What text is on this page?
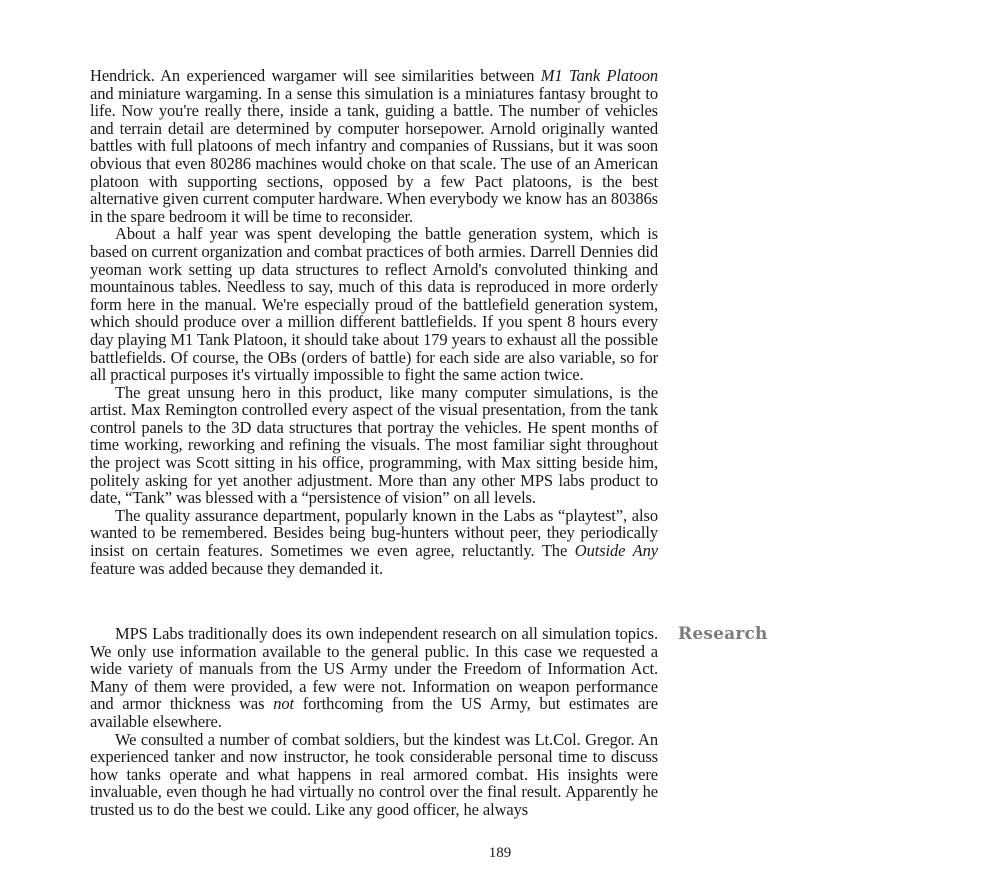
Hendrick. An experienced wargamer will see similarities between M1 Tank Platoon and miniature wargaming. In a sense this simulation is a miniatures fantasy brought to life. Now you're really there, inside a tank, guiding a battle. The number of vehicles and terrain detail are determined by computer horsepower. Arnold originally wanted battles with full platoons of mech infantry and companies of Russians, but it was soon obvious that even 80286 machines would choke on that scale. The use of an American platoon with supporting sections, opposed by a few Pact platoons, is the best alternative given current computer hardware. When everybody we know has an 80386s in the spare bedroom it will be time to reconsider.

About a half year was spent developing the battle generation system, which is based on current organization and combat practices of both armies. Darrell Dennies did yeoman work setting up data structures to reflect Arnold's convoluted thinking and mountainous tables. Needless to say, much of this data is reproduced in more orderly form here in the manual. We're especially proud of the battlefield generation system, which should produce over a million different battlefields. If you spent 8 hours every day playing M1 Tank Platoon, it should take about 179 years to exhaust all the possible battlefields. Of course, the OBs (orders of battle) for each side are also variable, so for all practical purposes it's virtually impossible to fight the same action twice.

The great unsung hero in this product, like many computer simulations, is the artist. Max Remington controlled every aspect of the visual presentation, from the tank control panels to the 3D data structures that portray the vehicles. He spent months of time working, reworking and refining the visuals. The most familiar sight throughout the project was Scott sitting in his office, programming, with Max sitting beside him, politely asking for yet another adjustment. More than any other MPS labs product to date, “Tank” was blessed with a “persistence of vision” on all levels.

The quality assurance department, popularly known in the Labs as “playtest”, also wanted to be remembered. Besides being bug-hunters without peer, they periodically insist on certain features. Sometimes we even agree, reluctantly. The Outside Any feature was added because they demanded it.

MPS Labs traditionally does its own independent research on all simulation topics. We only use information available to the general public. In this case we requested a wide variety of manuals from the US Army under the Freedom of Information Act. Many of them were provided, a few were not. Information on weapon performance and armor thickness was not forthcoming from the US Army, but estimates are available elsewhere.

We consulted a number of combat soldiers, but the kindest was Lt.Col. Gregor. An experienced tanker and now instructor, he took considerable personal time to discuss how tanks operate and what happens in real armored combat. His insights were invaluable, even though he had virtually no control over the final result. Apparently he trusted us to do the best we could. Like any good officer, he always

Research
189
